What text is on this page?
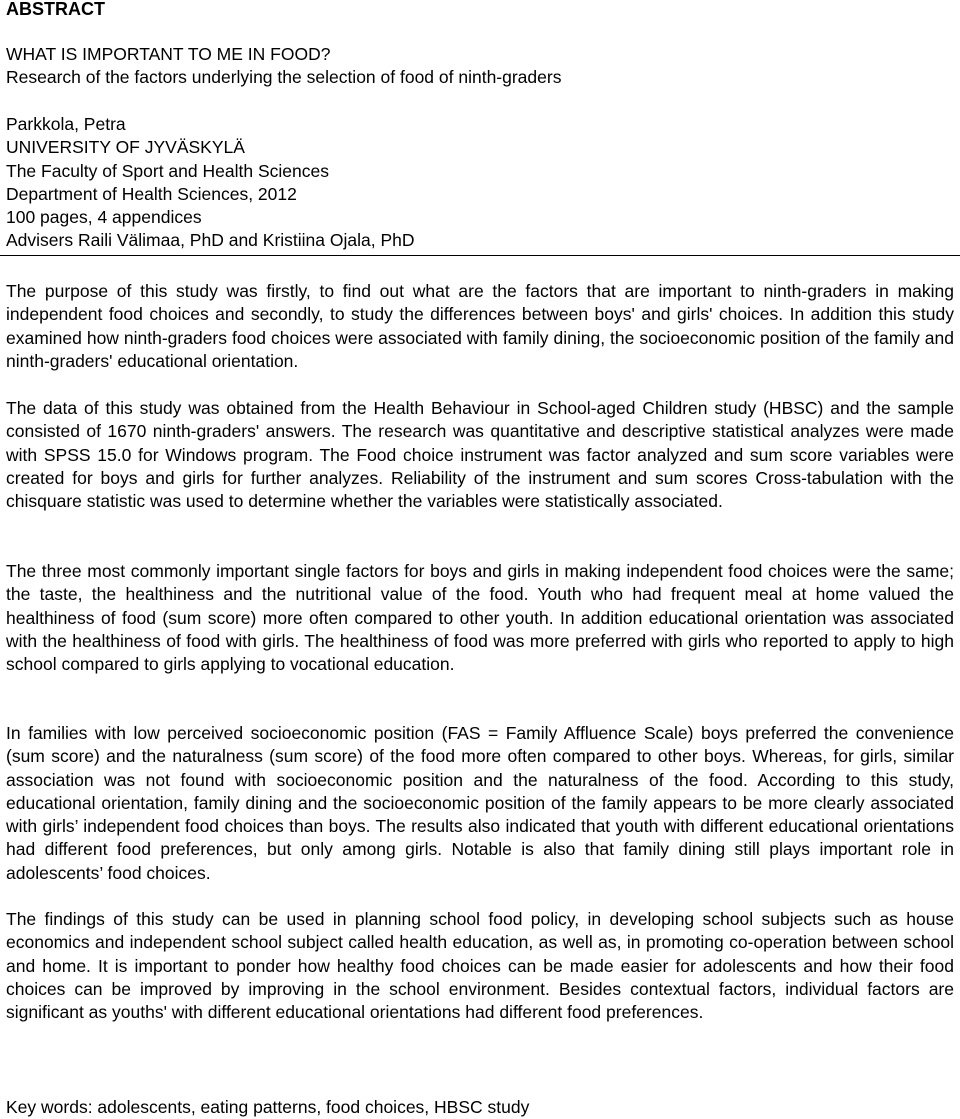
ABSTRACT
WHAT IS IMPORTANT TO ME IN FOOD?
Research of the factors underlying the selection of food of ninth-graders
Parkkola, Petra
UNIVERSITY OF JYVÄSKYLÄ
The Faculty of Sport and Health Sciences
Department of Health Sciences, 2012
100 pages, 4 appendices
Advisers Raili Välimaa, PhD and Kristiina Ojala, PhD

The purpose of this study was firstly, to find out what are the factors that are important to ninth-graders in making independent food choices and secondly, to study the differences between boys' and girls' choices. In addition this study examined how ninth-graders food choices were associated with family dining, the socioeconomic position of the family and ninth-graders' educational orientation.

The data of this study was obtained from the Health Behaviour in School-aged Children study (HBSC) and the sample consisted of 1670 ninth-graders' answers. The research was quantitative and descriptive statistical analyzes were made with SPSS 15.0 for Windows program. The Food choice instrument was factor analyzed and sum score variables were created for boys and girls for further analyzes. Reliability of the instrument and sum scores Cross-tabulation with the chisquare statistic was used to determine whether the variables were statistically associated.

The three most commonly important single factors for boys and girls in making independent food choices were the same; the taste, the healthiness and the nutritional value of the food. Youth who had frequent meal at home valued the healthiness of food (sum score) more often compared to other youth. In addition educational orientation was associated with the healthiness of food with girls. The healthiness of food was more preferred with girls who reported to apply to high school compared to girls applying to vocational education.

In families with low perceived socioeconomic position (FAS = Family Affluence Scale) boys preferred the convenience (sum score) and the naturalness (sum score) of the food more often compared to other boys. Whereas, for girls, similar association was not found with socioeconomic position and the naturalness of the food. According to this study, educational orientation, family dining and the socioeconomic position of the family appears to be more clearly associated with girls’ independent food choices than boys. The results also indicated that youth with different educational orientations had different food preferences, but only among girls. Notable is also that family dining still plays important role in adolescents’ food choices.

The findings of this study can be used in planning school food policy, in developing school subjects such as house economics and independent school subject called health education, as well as, in promoting co-operation between school and home. It is important to ponder how healthy food choices can be made easier for adolescents and how their food choices can be improved by improving in the school environment. Besides contextual factors, individual factors are significant as youths' with different educational orientations had different food preferences.

Key words: adolescents, eating patterns, food choices, HBSC study
